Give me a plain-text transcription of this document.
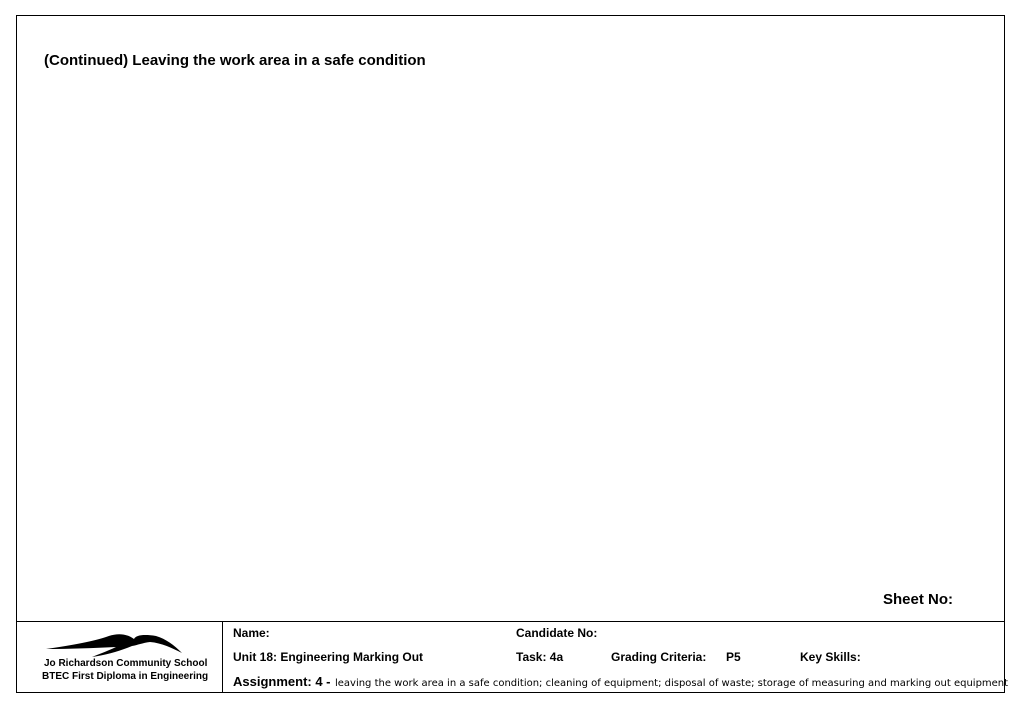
(Continued) Leaving the work area in a safe condition
Sheet No:
Jo Richardson Community School
BTEC First Diploma in Engineering
Name:	Candidate No:
Unit 18: Engineering Marking Out	Task: 4a	Grading Criteria: P5	Key Skills:
Assignment: 4 - leaving the work area in a safe condition; cleaning of equipment; disposal of waste; storage of measuring and marking out equipment
